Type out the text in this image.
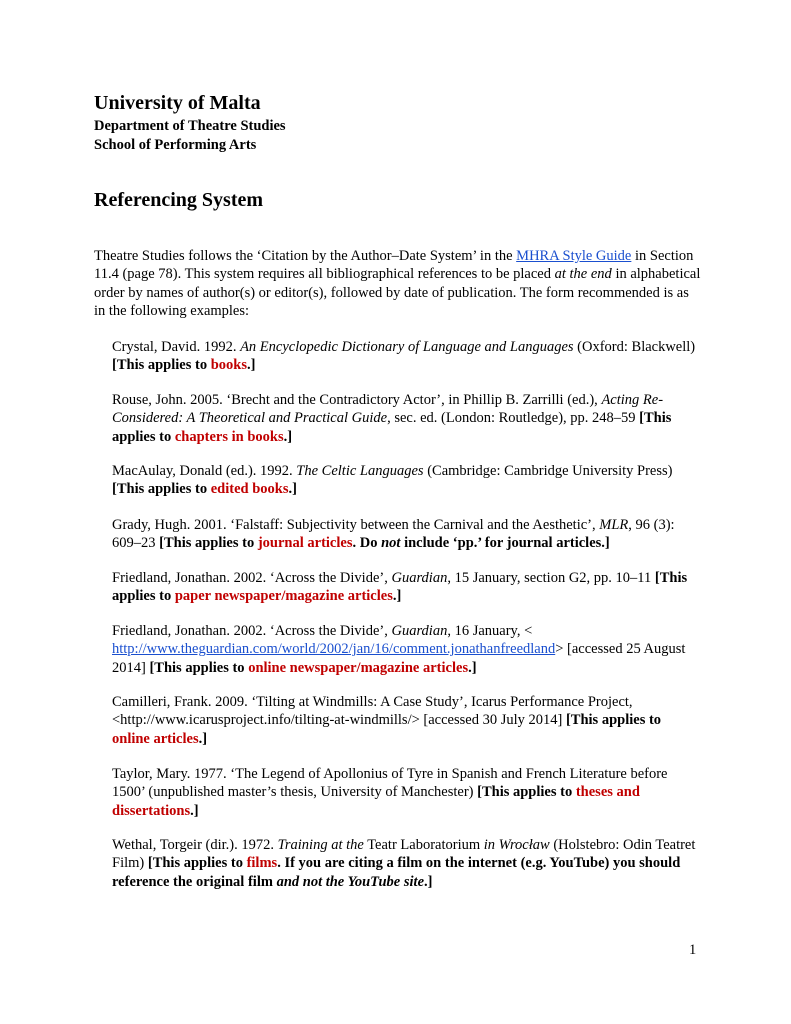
University of Malta
Department of Theatre Studies
School of Performing Arts
Referencing System

Theatre Studies follows the ‘Citation by the Author–Date System’ in the MHRA Style Guide in Section 11.4 (page 78). This system requires all bibliographical references to be placed at the end in alphabetical order by names of author(s) or editor(s), followed by date of publication. The form recommended is as in the following examples:

Crystal, David. 1992. An Encyclopedic Dictionary of Language and Languages (Oxford: Blackwell) [This applies to books.]

Rouse, John. 2005. ‘Brecht and the Contradictory Actor’, in Phillip B. Zarrilli (ed.), Acting Re-Considered: A Theoretical and Practical Guide, sec. ed. (London: Routledge), pp. 248–59 [This applies to chapters in books.]

MacAulay, Donald (ed.). 1992. The Celtic Languages (Cambridge: Cambridge University Press) [This applies to edited books.]

Grady, Hugh. 2001. ‘Falstaff: Subjectivity between the Carnival and the Aesthetic’, MLR, 96 (3): 609–23 [This applies to journal articles. Do not include ‘pp.’ for journal articles.]

Friedland, Jonathan. 2002. ‘Across the Divide’, Guardian, 15 January, section G2, pp. 10–11 [This applies to paper newspaper/magazine articles.]

Friedland, Jonathan. 2002. ‘Across the Divide’, Guardian, 16 January, < http://www.theguardian.com/world/2002/jan/16/comment.jonathanfreedland> [accessed 25 August 2014] [This applies to online newspaper/magazine articles.]

Camilleri, Frank. 2009. ‘Tilting at Windmills: A Case Study’, Icarus Performance Project, <http://www.icarusproject.info/tilting-at-windmills/> [accessed 30 July 2014] [This applies to online articles.]

Taylor, Mary. 1977. ‘The Legend of Apollonius of Tyre in Spanish and French Literature before 1500’ (unpublished master’s thesis, University of Manchester) [This applies to theses and dissertations.]

Wethal, Torgeir (dir.). 1972. Training at the Teatr Laboratorium in Wrocław (Holstebro: Odin Teatret Film) [This applies to films. If you are citing a film on the internet (e.g. YouTube) you should reference the original film and not the YouTube site.]

1
